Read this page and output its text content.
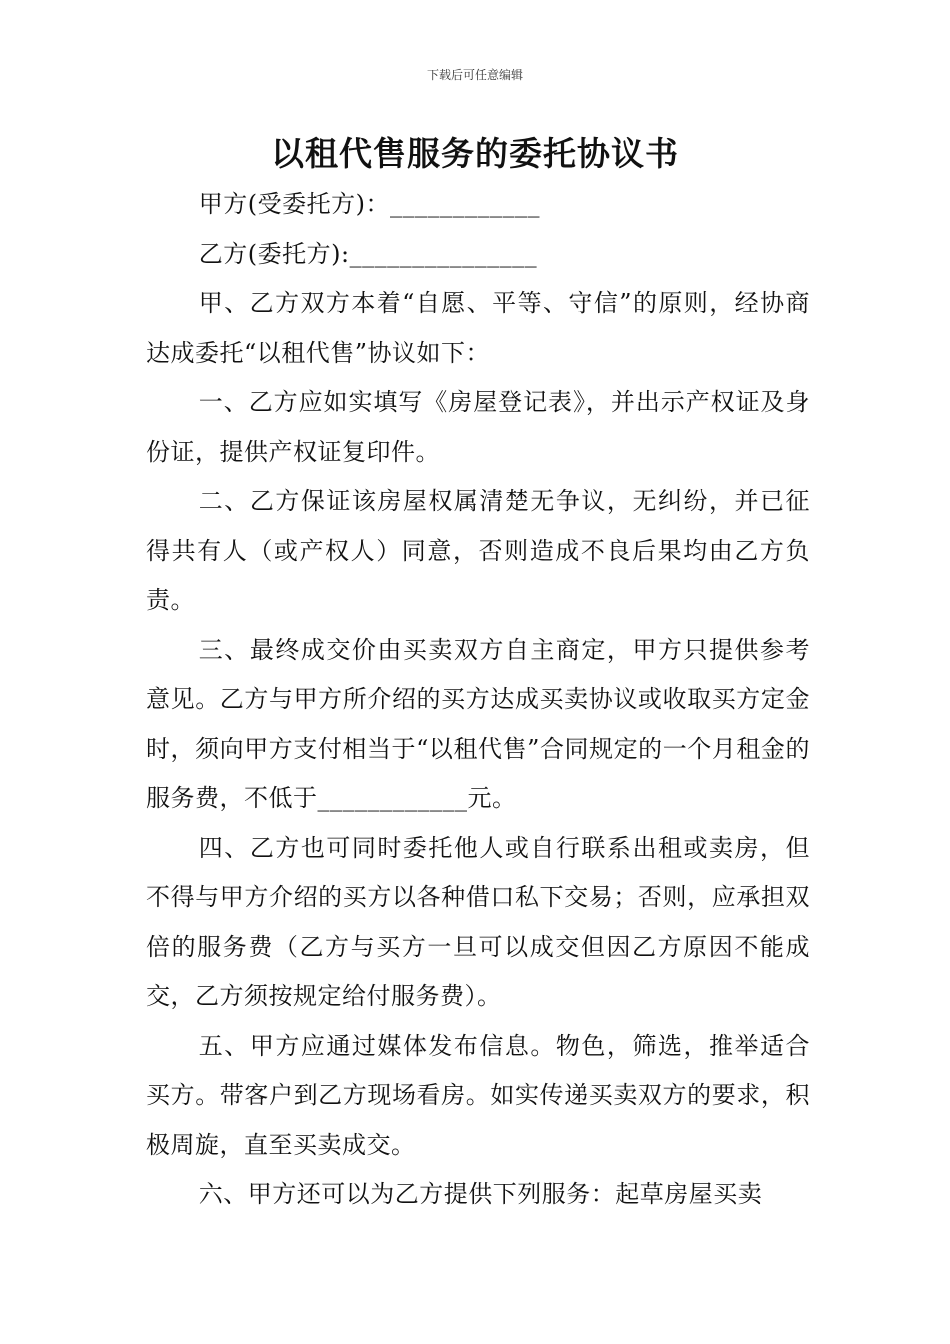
下载后可任意编辑
以租代售服务的委托协议书

甲方(受委托方)：____________

乙方(委托方):_______________

甲、乙方双方本着“自愿、平等、守信”的原则，经协商达成委托“以租代售”协议如下：

一、乙方应如实填写《房屋登记表》，并出示产权证及身份证，提供产权证复印件。

二、乙方保证该房屋权属清楚无争议，无纠纷，并已征得共有人（或产权人）同意，否则造成不良后果均由乙方负责。

三、最终成交价由买卖双方自主商定，甲方只提供参考意见。乙方与甲方所介绍的买方达成买卖协议或收取买方定金时，须向甲方支付相当于“以租代售”合同规定的一个月租金的服务费，不低于____________元。

四、乙方也可同时委托他人或自行联系出租或卖房，但不得与甲方介绍的买方以各种借口私下交易；否则，应承担双倍的服务费（乙方与买方一旦可以成交但因乙方原因不能成交，乙方须按规定给付服务费）。

五、甲方应通过媒体发布信息。物色，筛选，推举适合买方。带客户到乙方现场看房。如实传递买卖双方的要求，积极周旋，直至买卖成交。

六、甲方还可以为乙方提供下列服务：起草房屋买卖
